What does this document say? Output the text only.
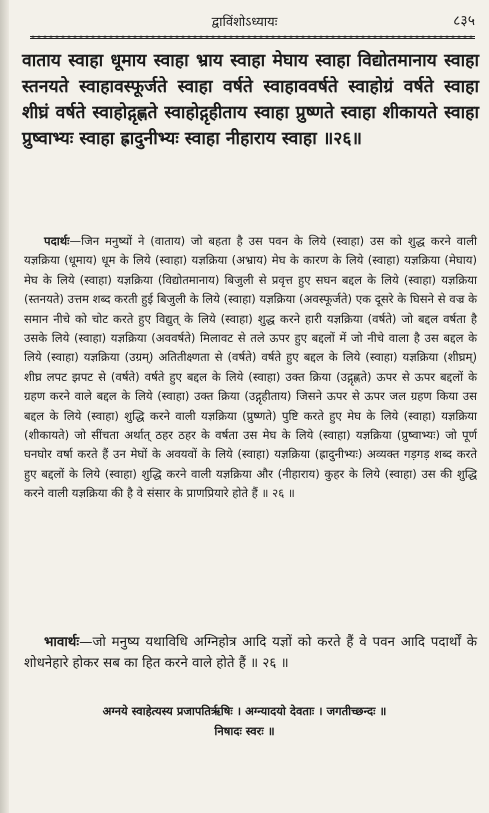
द्वाविंशोऽध्यायः	८३५
वाताय स्वाहा धूमाय स्वाहा भ्राय स्वाहा मेघाय स्वाहा विद्योतमानाय स्वाहा स्तनयते स्वाहावस्फूर्जते स्वाहा वर्षते स्वाहाववर्षते स्वाहोग्रं वर्षते स्वाहा शीघ्रं वर्षते स्वाहोद्गृह्णते स्वाहोद्गृहीताय स्वाहा प्रुष्णते स्वाहा शीकायते स्वाहा प्रुष्वाभ्यः स्वाहा ह्रादुनीभ्यः स्वाहा नीहाराय स्वाहा ॥२६॥
पदार्थः—जिन मनुष्यों ने (वाताय) जो बहता है उस पवन के लिये (स्वाहा) उस को शुद्ध करने वाली यज्ञक्रिया (धूमाय) धूम के लिये (स्वाहा) यज्ञक्रिया (अभ्राय) मेघ के कारण के लिये (स्वाहा) यज्ञक्रिया (मेघाय) मेघ के लिये (स्वाहा) यज्ञक्रिया (विद्योतमानाय) बिजुली से प्रवृत्त हुए सघन बद्दल के लिये (स्वाहा) यज्ञक्रिया (स्तनयते) उत्तम शब्द करती हुई बिजुली के लिये (स्वाहा) यज्ञक्रिया (अवस्फूर्जते) एक दूसरे के घिसने से वज्र के समान नीचे को चोट करते हुए विद्युत् के लिये (स्वाहा) शुद्ध करने हारी यज्ञक्रिया (वर्षते) जो बद्दल वर्षता है उसके लिये (स्वाहा) यज्ञक्रिया (अववर्षते) मिलावट से तले ऊपर हुए बद्दलों में जो नीचे वाला है उस बद्दल के लिये (स्वाहा) यज्ञक्रिया (उग्रम्) अतितीक्ष्णता से (वर्षते) वर्षते हुए बद्दल के लिये (स्वाहा) यज्ञक्रिया (शीघ्रम्) शीघ्र लपट झपट से (वर्षते) वर्षते हुए बद्दल के लिये (स्वाहा) उक्त क्रिया (उद्गृह्णते) ऊपर से ऊपर बद्दलों के ग्रहण करने वाले बद्दल के लिये (स्वाहा) उक्त क्रिया (उद्गृहीताय) जिसने ऊपर से ऊपर जल ग्रहण किया उस बद्दल के लिये (स्वाहा) शुद्धि करने वाली यज्ञक्रिया (प्रुष्णते) पुष्टि करते हुए मेघ के लिये (स्वाहा) यज्ञक्रिया (शीकायते) जो सींचता अर्थात् ठहर ठहर के वर्षता उस मेघ के लिये (स्वाहा) यज्ञक्रिया (प्रुष्वाभ्यः) जो पूर्ण घनघोर वर्षा करते हैं उन मेघों के अवयवों के लिये (स्वाहा) यज्ञक्रिया (ह्रादुनीभ्यः) अव्यक्त गड़गड़ शब्द करते हुए बद्दलों के लिये (स्वाहा) शुद्धि करने वाली यज्ञक्रिया और (नीहाराय) कुहर के लिये (स्वाहा) उस की शुद्धि करने वाली यज्ञक्रिया की है वे संसार के प्राणप्रियारे होते हैं ॥ २६ ॥
भावार्थः—जो मनुष्य यथाविधि अग्निहोत्र आदि यज्ञों को करते हैं वे पवन आदि पदार्थों के शोधनेहारे होकर सब का हित करने वाले होते हैं ॥ २६ ॥
अग्नये स्वाहेत्यस्य प्रजापतिर्ऋषिः । अग्न्यादयो देवताः । जगतीच्छन्दः ॥
निषादः स्वरः ॥
